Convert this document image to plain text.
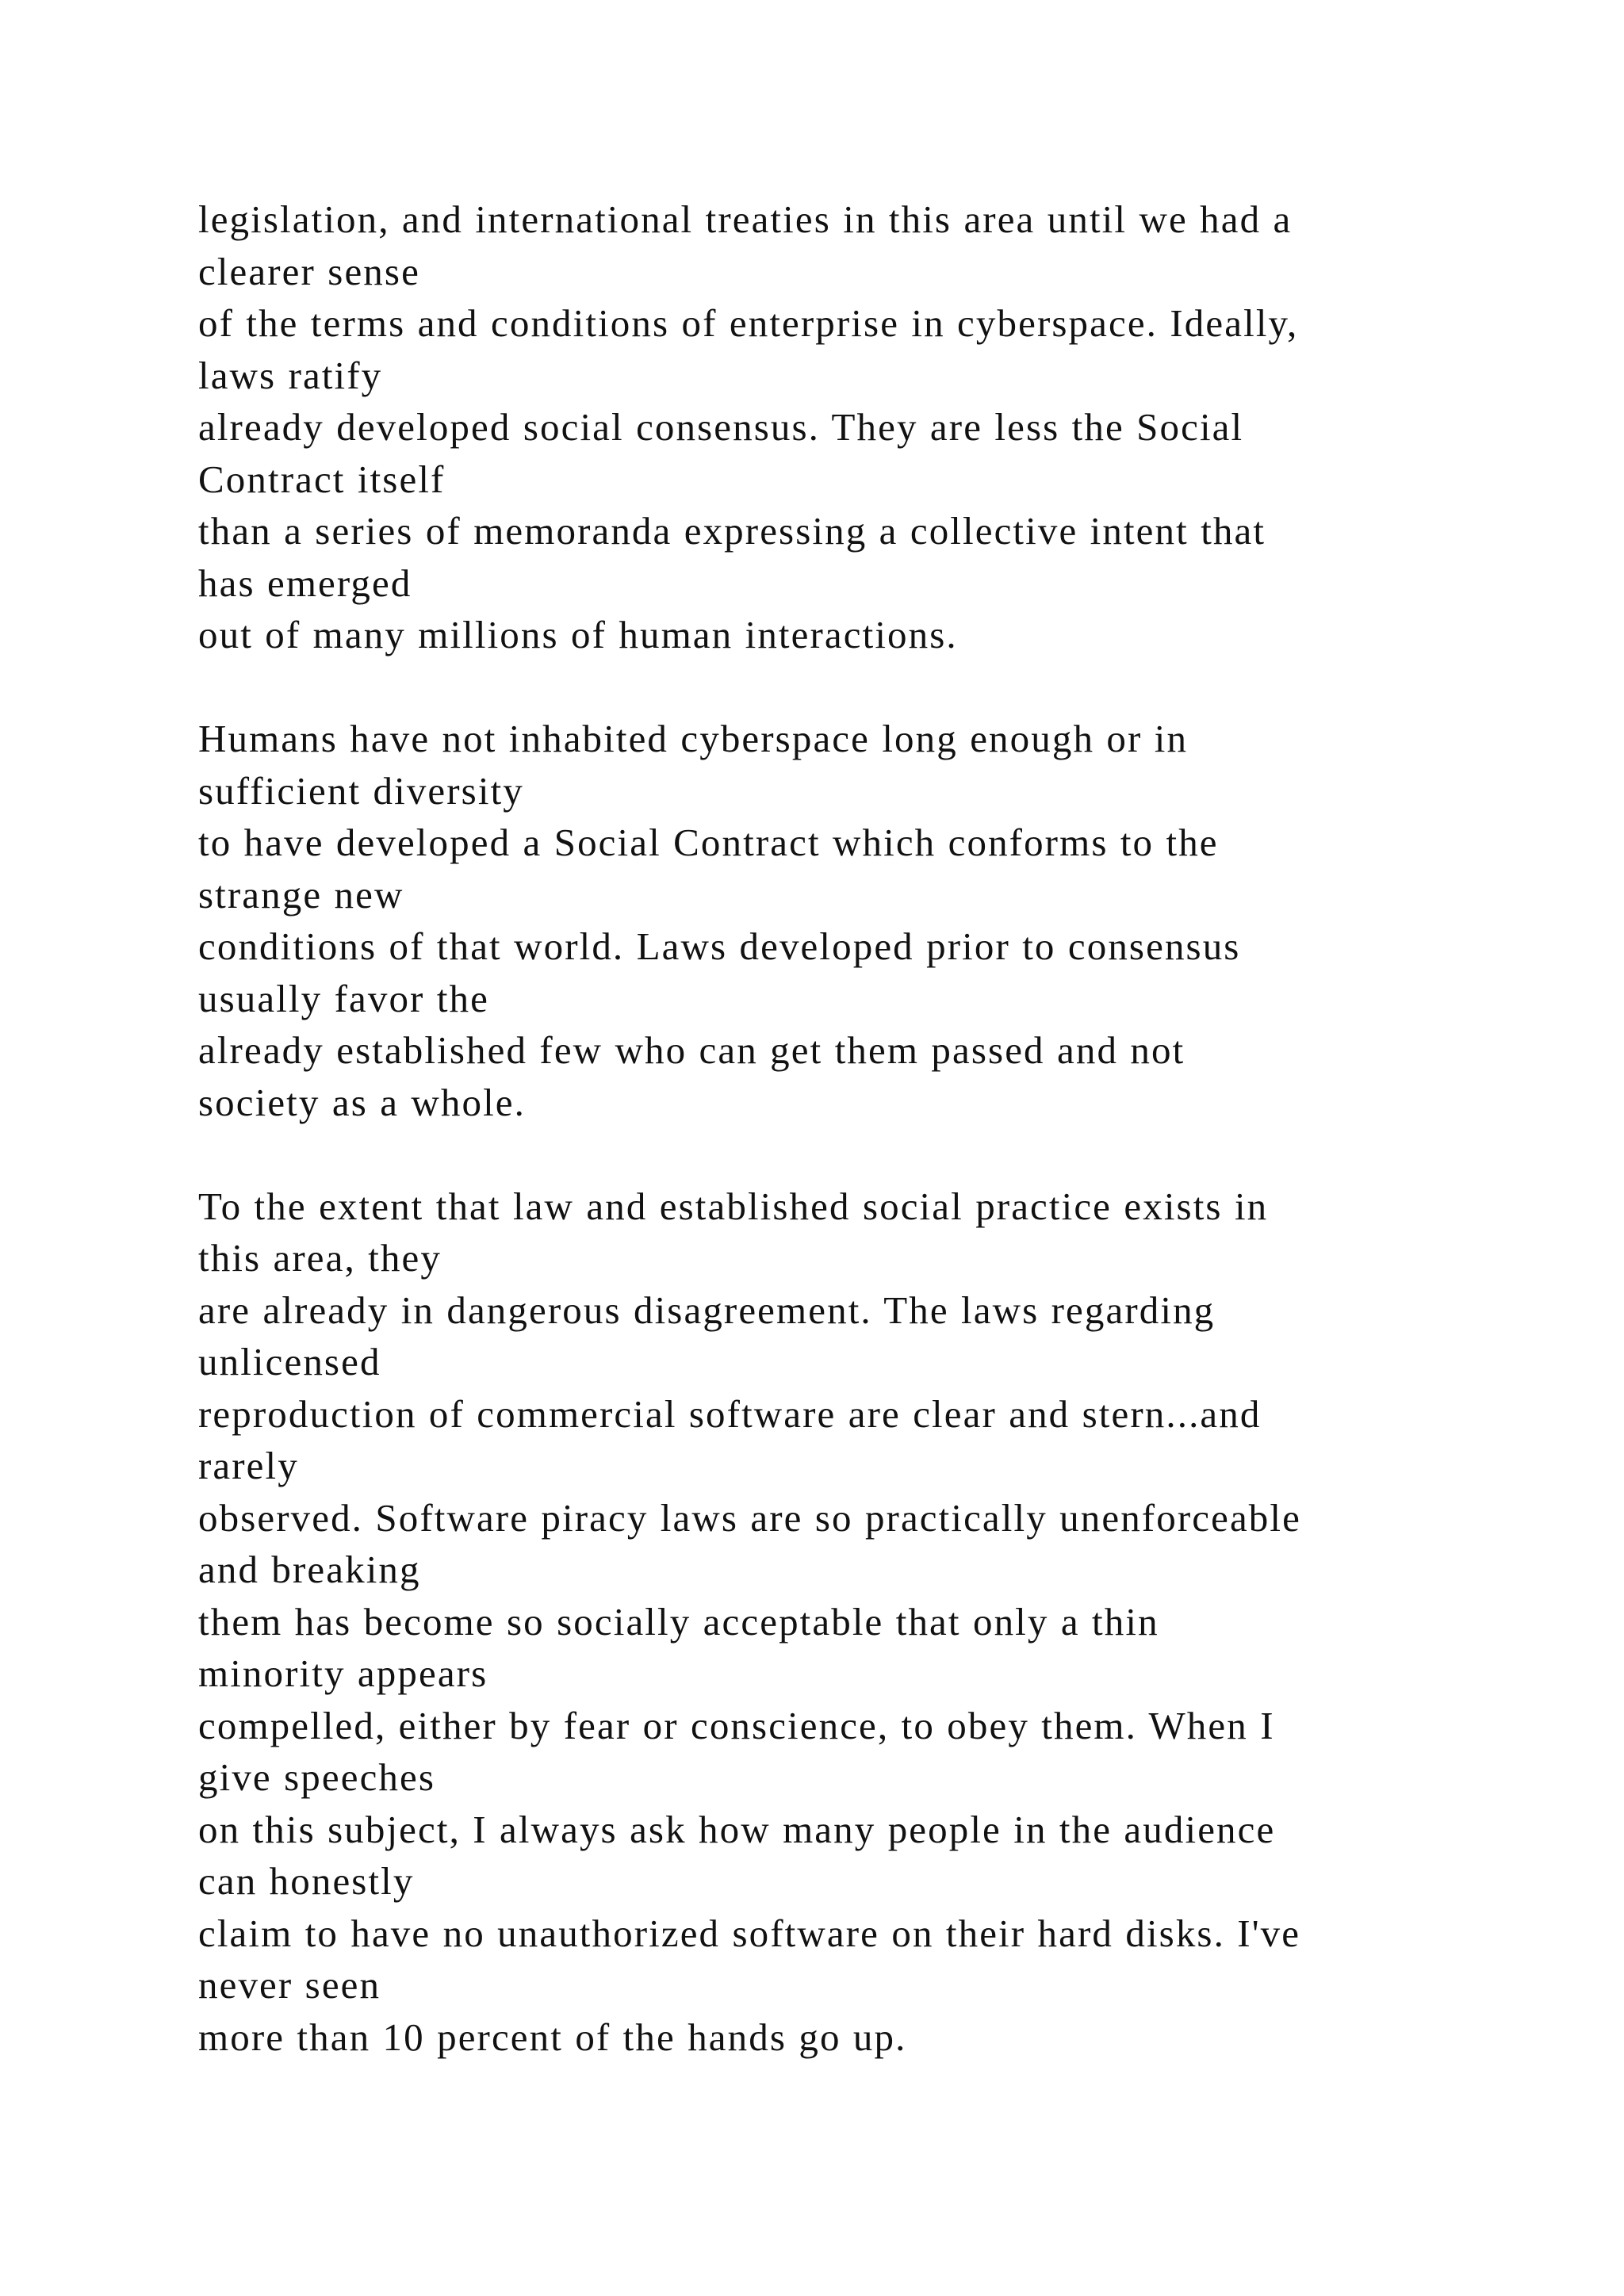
legislation, and international treaties in this area until we had a
clearer sense
of the terms and conditions of enterprise in cyberspace. Ideally,
laws ratify
already developed social consensus. They are less the Social
Contract itself
than a series of memoranda expressing a collective intent that
has emerged
out of many millions of human interactions.
Humans have not inhabited cyberspace long enough or in
sufficient diversity
to have developed a Social Contract which conforms to the
strange new
conditions of that world. Laws developed prior to consensus
usually favor the
already established few who can get them passed and not
society as a whole.
To the extent that law and established social practice exists in
this area, they
are already in dangerous disagreement. The laws regarding
unlicensed
reproduction of commercial software are clear and stern...and
rarely
observed. Software piracy laws are so practically unenforceable
and breaking
them has become so socially acceptable that only a thin
minority appears
compelled, either by fear or conscience, to obey them. When I
give speeches
on this subject, I always ask how many people in the audience
can honestly
claim to have no unauthorized software on their hard disks. I've
never seen
more than 10 percent of the hands go up.
